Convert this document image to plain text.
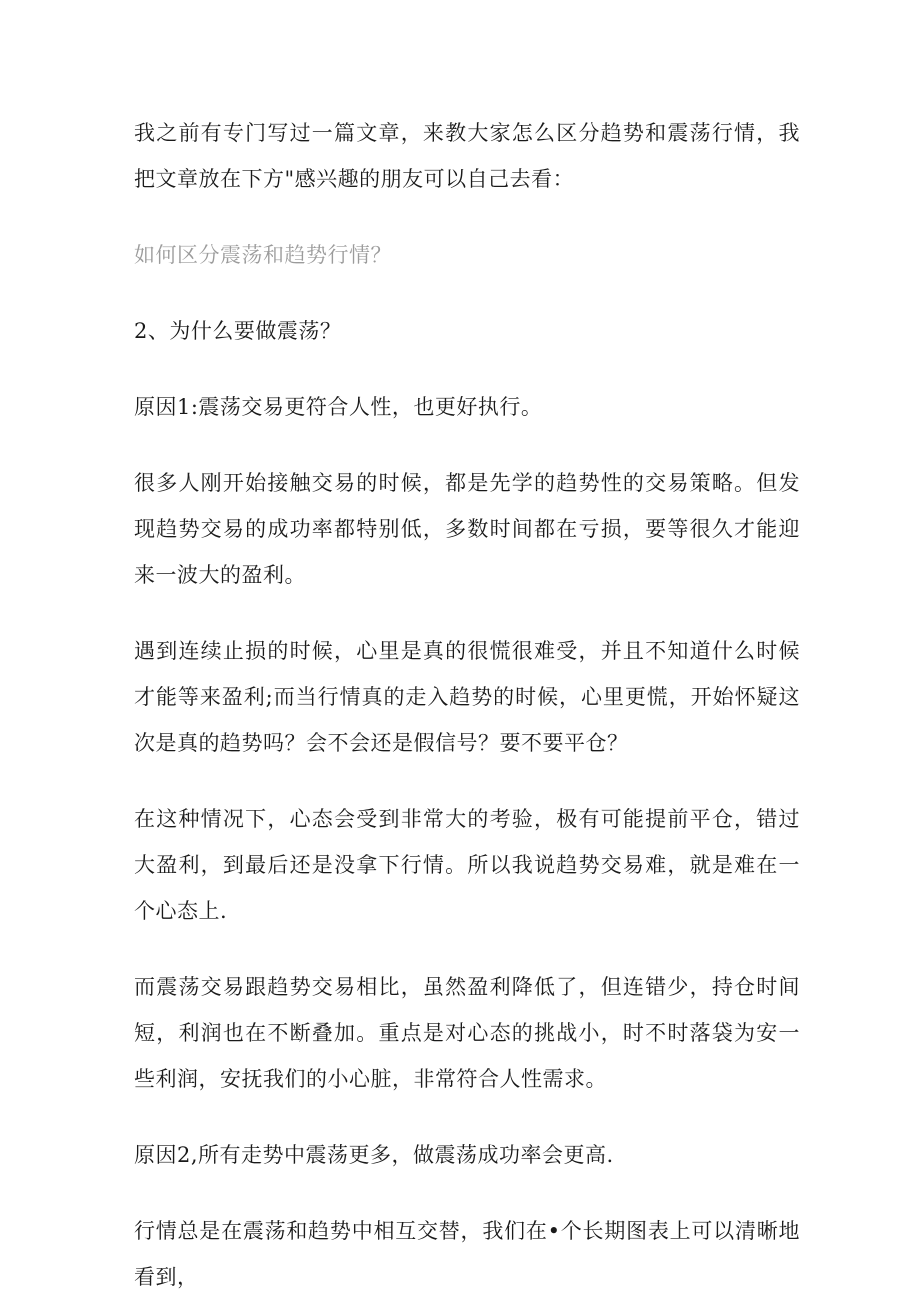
我之前有专门写过一篇文章，来教大家怎么区分趋势和震荡行情，我把文章放在下方"感兴趣的朋友可以自己去看：

如何区分震荡和趋势行情？

2、为什么要做震荡？

原因1:震荡交易更符合人性，也更好执行。

很多人刚开始接触交易的时候，都是先学的趋势性的交易策略。但发现趋势交易的成功率都特别低，多数时间都在亏损，要等很久才能迎来一波大的盈利。

遇到连续止损的时候，心里是真的很慌很难受，并且不知道什么时候才能等来盈利;而当行情真的走入趋势的时候，心里更慌，开始怀疑这次是真的趋势吗？会不会还是假信号？要不要平仓？

在这种情况下，心态会受到非常大的考验，极有可能提前平仓，错过大盈利，到最后还是没拿下行情。所以我说趋势交易难，就是难在一个心态上.

而震荡交易跟趋势交易相比，虽然盈利降低了，但连错少，持仓时间短，利润也在不断叠加。重点是对心态的挑战小，时不时落袋为安一些利润，安抚我们的小心脏，非常符合人性需求。

原因2,所有走势中震荡更多，做震荡成功率会更高.

行情总是在震荡和趋势中相互交替，我们在•个长期图表上可以清晰地看到，
